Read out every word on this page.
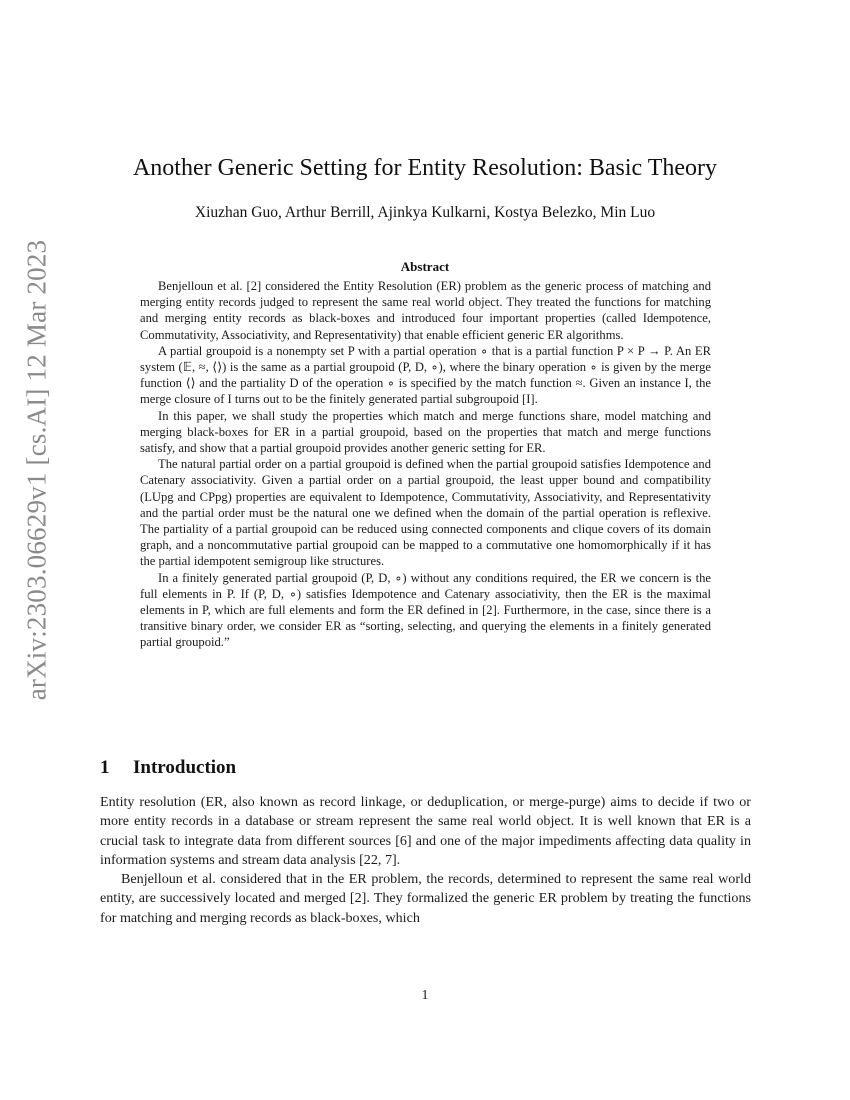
arXiv:2303.06629v1 [cs.AI] 12 Mar 2023
Another Generic Setting for Entity Resolution: Basic Theory
Xiuzhan Guo, Arthur Berrill, Ajinkya Kulkarni, Kostya Belezko, Min Luo
Abstract

Benjelloun et al. [2] considered the Entity Resolution (ER) problem as the generic process of matching and merging entity records judged to represent the same real world object. They treated the functions for matching and merging entity records as black-boxes and introduced four important properties (called Idempotence, Commutativity, Associativity, and Representativity) that enable efficient generic ER algorithms.

A partial groupoid is a nonempty set P with a partial operation ∘ that is a partial function P × P → P. An ER system (𝔼, ≈, ⟨⟩) is the same as a partial groupoid (P, D, ∘), where the binary operation ∘ is given by the merge function ⟨⟩ and the partiality D of the operation ∘ is specified by the match function ≈. Given an instance I, the merge closure of I turns out to be the finitely generated partial subgroupoid [I].

In this paper, we shall study the properties which match and merge functions share, model matching and merging black-boxes for ER in a partial groupoid, based on the properties that match and merge functions satisfy, and show that a partial groupoid provides another generic setting for ER.

The natural partial order on a partial groupoid is defined when the partial groupoid satisfies Idempotence and Catenary associativity. Given a partial order on a partial groupoid, the least upper bound and compatibility (LUpg and CPpg) properties are equivalent to Idempotence, Commutativity, Associativity, and Representativity and the partial order must be the natural one we defined when the domain of the partial operation is reflexive. The partiality of a partial groupoid can be reduced using connected components and clique covers of its domain graph, and a noncommutative partial groupoid can be mapped to a commutative one homomorphically if it has the partial idempotent semigroup like structures.

In a finitely generated partial groupoid (P, D, ∘) without any conditions required, the ER we concern is the full elements in P. If (P, D, ∘) satisfies Idempotence and Catenary associativity, then the ER is the maximal elements in P, which are full elements and form the ER defined in [2]. Furthermore, in the case, since there is a transitive binary order, we consider ER as “sorting, selecting, and querying the elements in a finitely generated partial groupoid.”

1 Introduction

Entity resolution (ER, also known as record linkage, or deduplication, or merge-purge) aims to decide if two or more entity records in a database or stream represent the same real world object. It is well known that ER is a crucial task to integrate data from different sources [6] and one of the major impediments affecting data quality in information systems and stream data analysis [22, 7].

Benjelloun et al. considered that in the ER problem, the records, determined to represent the same real world entity, are successively located and merged [2]. They formalized the generic ER problem by treating the functions for matching and merging records as black-boxes, which

1
